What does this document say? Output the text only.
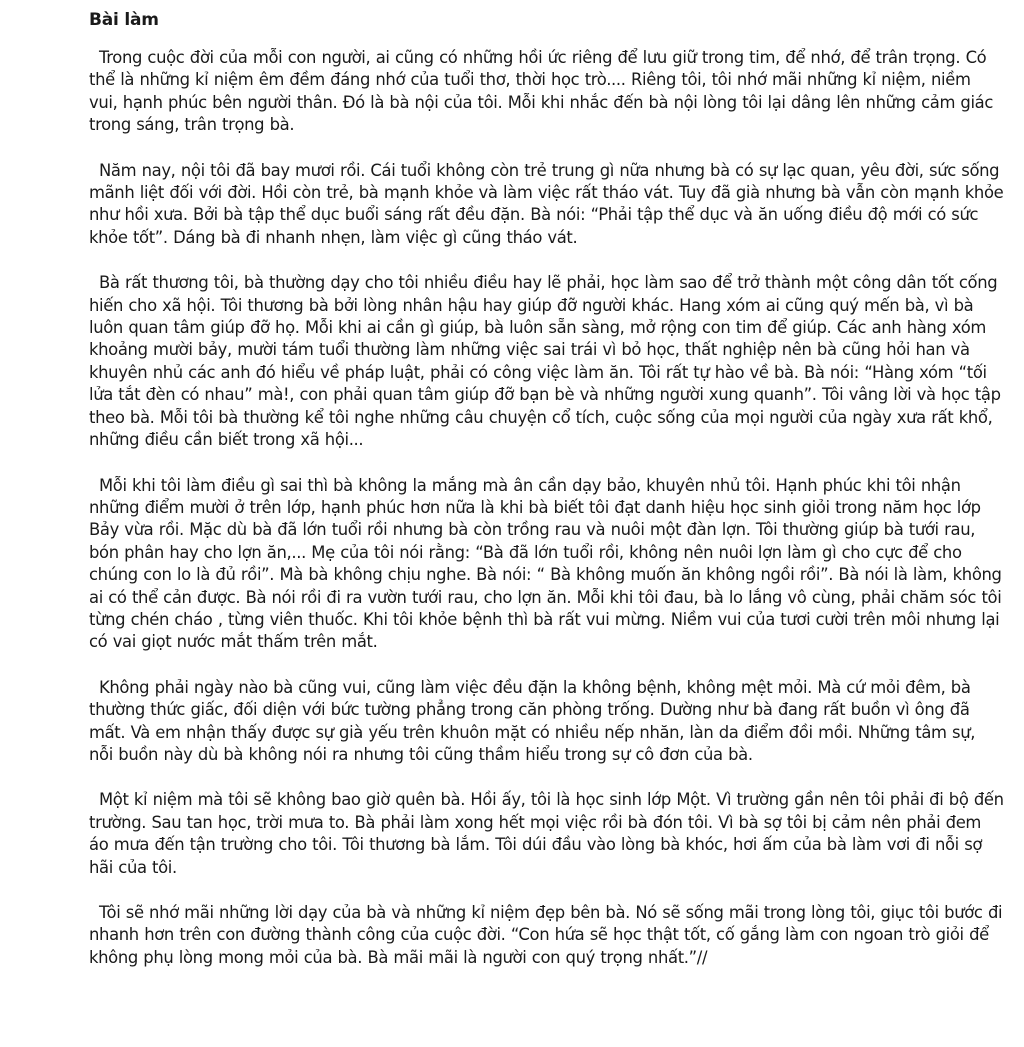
Bài làm

Trong cuộc đời của mỗi con người, ai cũng có những hồi ức riêng để lưu giữ trong tim, để nhớ, để trân trọng. Có thể là những kỉ niệm êm đềm đáng nhớ của tuổi thơ, thời học trò.... Riêng tôi, tôi nhớ mãi những kỉ niệm, niềm vui, hạnh phúc bên người thân. Đó là bà nội của tôi. Mỗi khi nhắc đến bà nội lòng tôi lại dâng lên những cảm giác trong sáng, trân trọng bà.

Năm nay, nội tôi đã bay mươi rồi. Cái tuổi không còn trẻ trung gì nữa nhưng bà có sự lạc quan, yêu đời, sức sống mãnh liệt đối với đời. Hồi còn trẻ, bà mạnh khỏe và làm việc rất tháo vát. Tuy đã già nhưng bà vẫn còn mạnh khỏe như hồi xưa. Bởi bà tập thể dục buổi sáng rất đều đặn. Bà nói: “Phải tập thể dục và ăn uống điều độ mới có sức khỏe tốt”. Dáng bà đi nhanh nhẹn, làm việc gì cũng tháo vát.

Bà rất thương tôi, bà thường dạy cho tôi nhiều điều hay lẽ phải, học làm sao để trở thành một công dân tốt cống hiến cho xã hội. Tôi thương bà bởi lòng nhân hậu hay giúp đỡ người khác. Hang xóm ai cũng quý mến bà, vì bà luôn quan tâm giúp đỡ họ. Mỗi khi ai cần gì giúp, bà luôn sẵn sàng, mở rộng con tim để giúp. Các anh hàng xóm khoảng mười bảy, mười tám tuổi thường làm những việc sai trái vì bỏ học, thất nghiệp nên bà cũng hỏi han và khuyên nhủ các anh đó hiểu về pháp luật, phải có công việc làm ăn. Tôi rất tự hào về bà. Bà nói: “Hàng xóm “tối lửa tắt đèn có nhau” mà!, con phải quan tâm giúp đỡ bạn bè và những người xung quanh”. Tôi vâng lời và học tập theo bà. Mỗi tôi bà thường kể tôi nghe những câu chuyện cổ tích, cuộc sống của mọi người của ngày xưa rất khổ, những điều cần biết trong xã hội...

Mỗi khi tôi làm điều gì sai thì bà không la mắng mà ân cần dạy bảo, khuyên nhủ tôi. Hạnh phúc khi tôi nhận những điểm mười ở trên lớp, hạnh phúc hơn nữa là khi bà biết tôi đạt danh hiệu học sinh giỏi trong năm học lớp Bảy vừa rồi. Mặc dù bà đã lớn tuổi rồi nhưng bà còn trồng rau và nuôi một đàn lợn. Tôi thường giúp bà tưới rau, bón phân hay cho lợn ăn,... Mẹ của tôi nói rằng: “Bà đã lớn tuổi rồi, không nên nuôi lợn làm gì cho cực để cho chúng con lo là đủ rồi”. Mà bà không chịu nghe. Bà nói: “ Bà không muốn ăn không ngồi rồi”. Bà nói là làm, không ai có thể cản được. Bà nói rồi đi ra vườn tưới rau, cho lợn ăn. Mỗi khi tôi đau, bà lo lắng vô cùng, phải chăm sóc tôi từng chén cháo , từng viên thuốc. Khi tôi khỏe bệnh thì bà rất vui mừng. Niềm vui của tươi cười trên môi nhưng lại có vai giọt nước mắt thấm trên mắt.

Không phải ngày nào bà cũng vui, cũng làm việc đều đặn la không bệnh, không mệt mỏi. Mà cứ mỏi đêm, bà thường thức giấc, đối diện với bức tường phẳng trong căn phòng trống. Dường như bà đang rất buồn vì ông đã mất. Và em nhận thấy được sự già yếu trên khuôn mặt có nhiều nếp nhăn, làn da điểm đồi mồi. Những tâm sự, nỗi buồn này dù bà không nói ra nhưng tôi cũng thầm hiểu trong sự cô đơn của bà.

Một kỉ niệm mà tôi sẽ không bao giờ quên bà. Hồi ấy, tôi là học sinh lớp Một. Vì trường gần nên tôi phải đi bộ đến trường. Sau tan học, trời mưa to. Bà phải làm xong hết mọi việc rồi bà đón tôi. Vì bà sợ tôi bị cảm nên phải đem áo mưa đến tận trường cho tôi. Tôi thương bà lắm. Tôi dúi đầu vào lòng bà khóc, hơi ấm của bà làm vơi đi nỗi sợ hãi của tôi.

Tôi sẽ nhớ mãi những lời dạy của bà và những kỉ niệm đẹp bên bà. Nó sẽ sống mãi trong lòng tôi, giục tôi bước đi nhanh hơn trên con đường thành công của cuộc đời. “Con hứa sẽ học thật tốt, cố gắng làm con ngoan trò giỏi để không phụ lòng mong mỏi của bà. Bà mãi mãi là người con quý trọng nhất.”//
